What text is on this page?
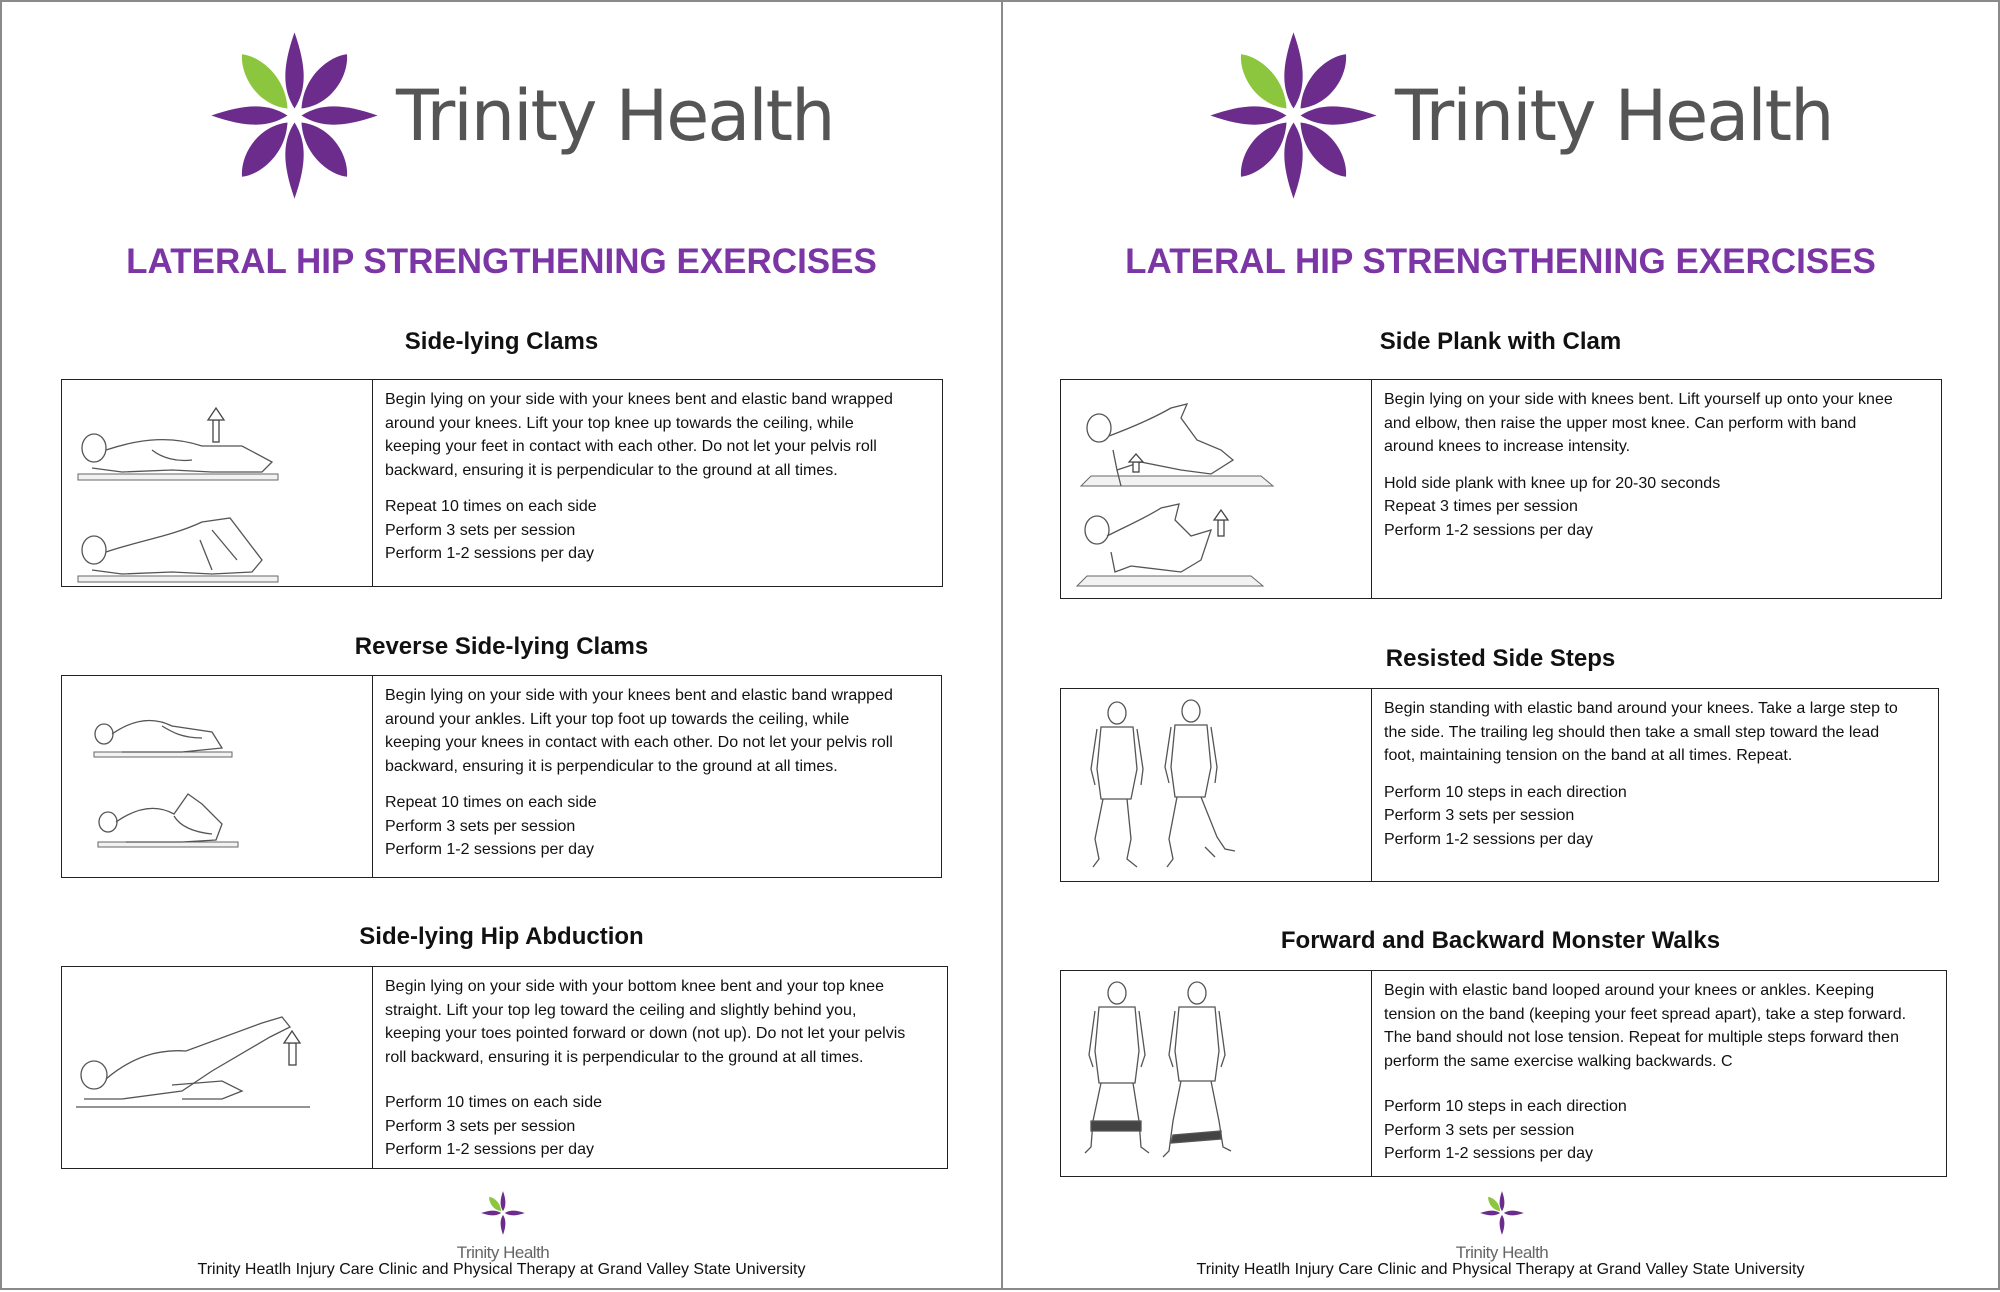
Trinity Health
LATERAL HIP STRENGTHENING EXERCISES
Side-lying Clams

Begin lying on your side with your knees bent and elastic band wrapped
around your knees. Lift your top knee up towards the ceiling, while
keeping your feet in contact with each other. Do not let your pelvis roll
backward, ensuring it is perpendicular to the ground at all times.

Repeat 10 times on each side
Perform 3 sets per session
Perform 1-2 sessions per day

Reverse Side-lying Clams

Begin lying on your side with your knees bent and elastic band wrapped
around your ankles. Lift your top foot up towards the ceiling, while
keeping your knees in contact with each other. Do not let your pelvis roll
backward, ensuring it is perpendicular to the ground at all times.

Repeat 10 times on each side
Perform 3 sets per session
Perform 1-2 sessions per day

Side-lying Hip Abduction

Begin lying on your side with your bottom knee bent and your top knee
straight. Lift your top leg toward the ceiling and slightly behind you,
keeping your toes pointed forward or down (not up). Do not let your pelvis
roll backward, ensuring it is perpendicular to the ground at all times.

Perform 10 times on each side
Perform 3 sets per session
Perform 1-2 sessions per day

Trinity Health
Trinity Heatlh Injury Care Clinic and Physical Therapy at Grand Valley State University
Trinity Health
LATERAL HIP STRENGTHENING EXERCISES
Side Plank with Clam

Begin lying on your side with knees bent. Lift yourself up onto your knee
and elbow, then raise the upper most knee. Can perform with band
around knees to increase intensity.

Hold side plank with knee up for 20-30 seconds
Repeat 3 times per session
Perform 1-2 sessions per day

Resisted Side Steps

Begin standing with elastic band around your knees. Take a large step to
the side. The trailing leg should then take a small step toward the lead
foot, maintaining tension on the band at all times. Repeat.

Perform 10 steps in each direction
Perform 3 sets per session
Perform 1-2 sessions per day

Forward and Backward Monster Walks

Begin with elastic band looped around your knees or ankles. Keeping
tension on the band (keeping your feet spread apart), take a step forward.
The band should not lose tension. Repeat for multiple steps forward then
perform the same exercise walking backwards. C

Perform 10 steps in each direction
Perform 3 sets per session
Perform 1-2 sessions per day

Trinity Health
Trinity Heatlh Injury Care Clinic and Physical Therapy at Grand Valley State University
